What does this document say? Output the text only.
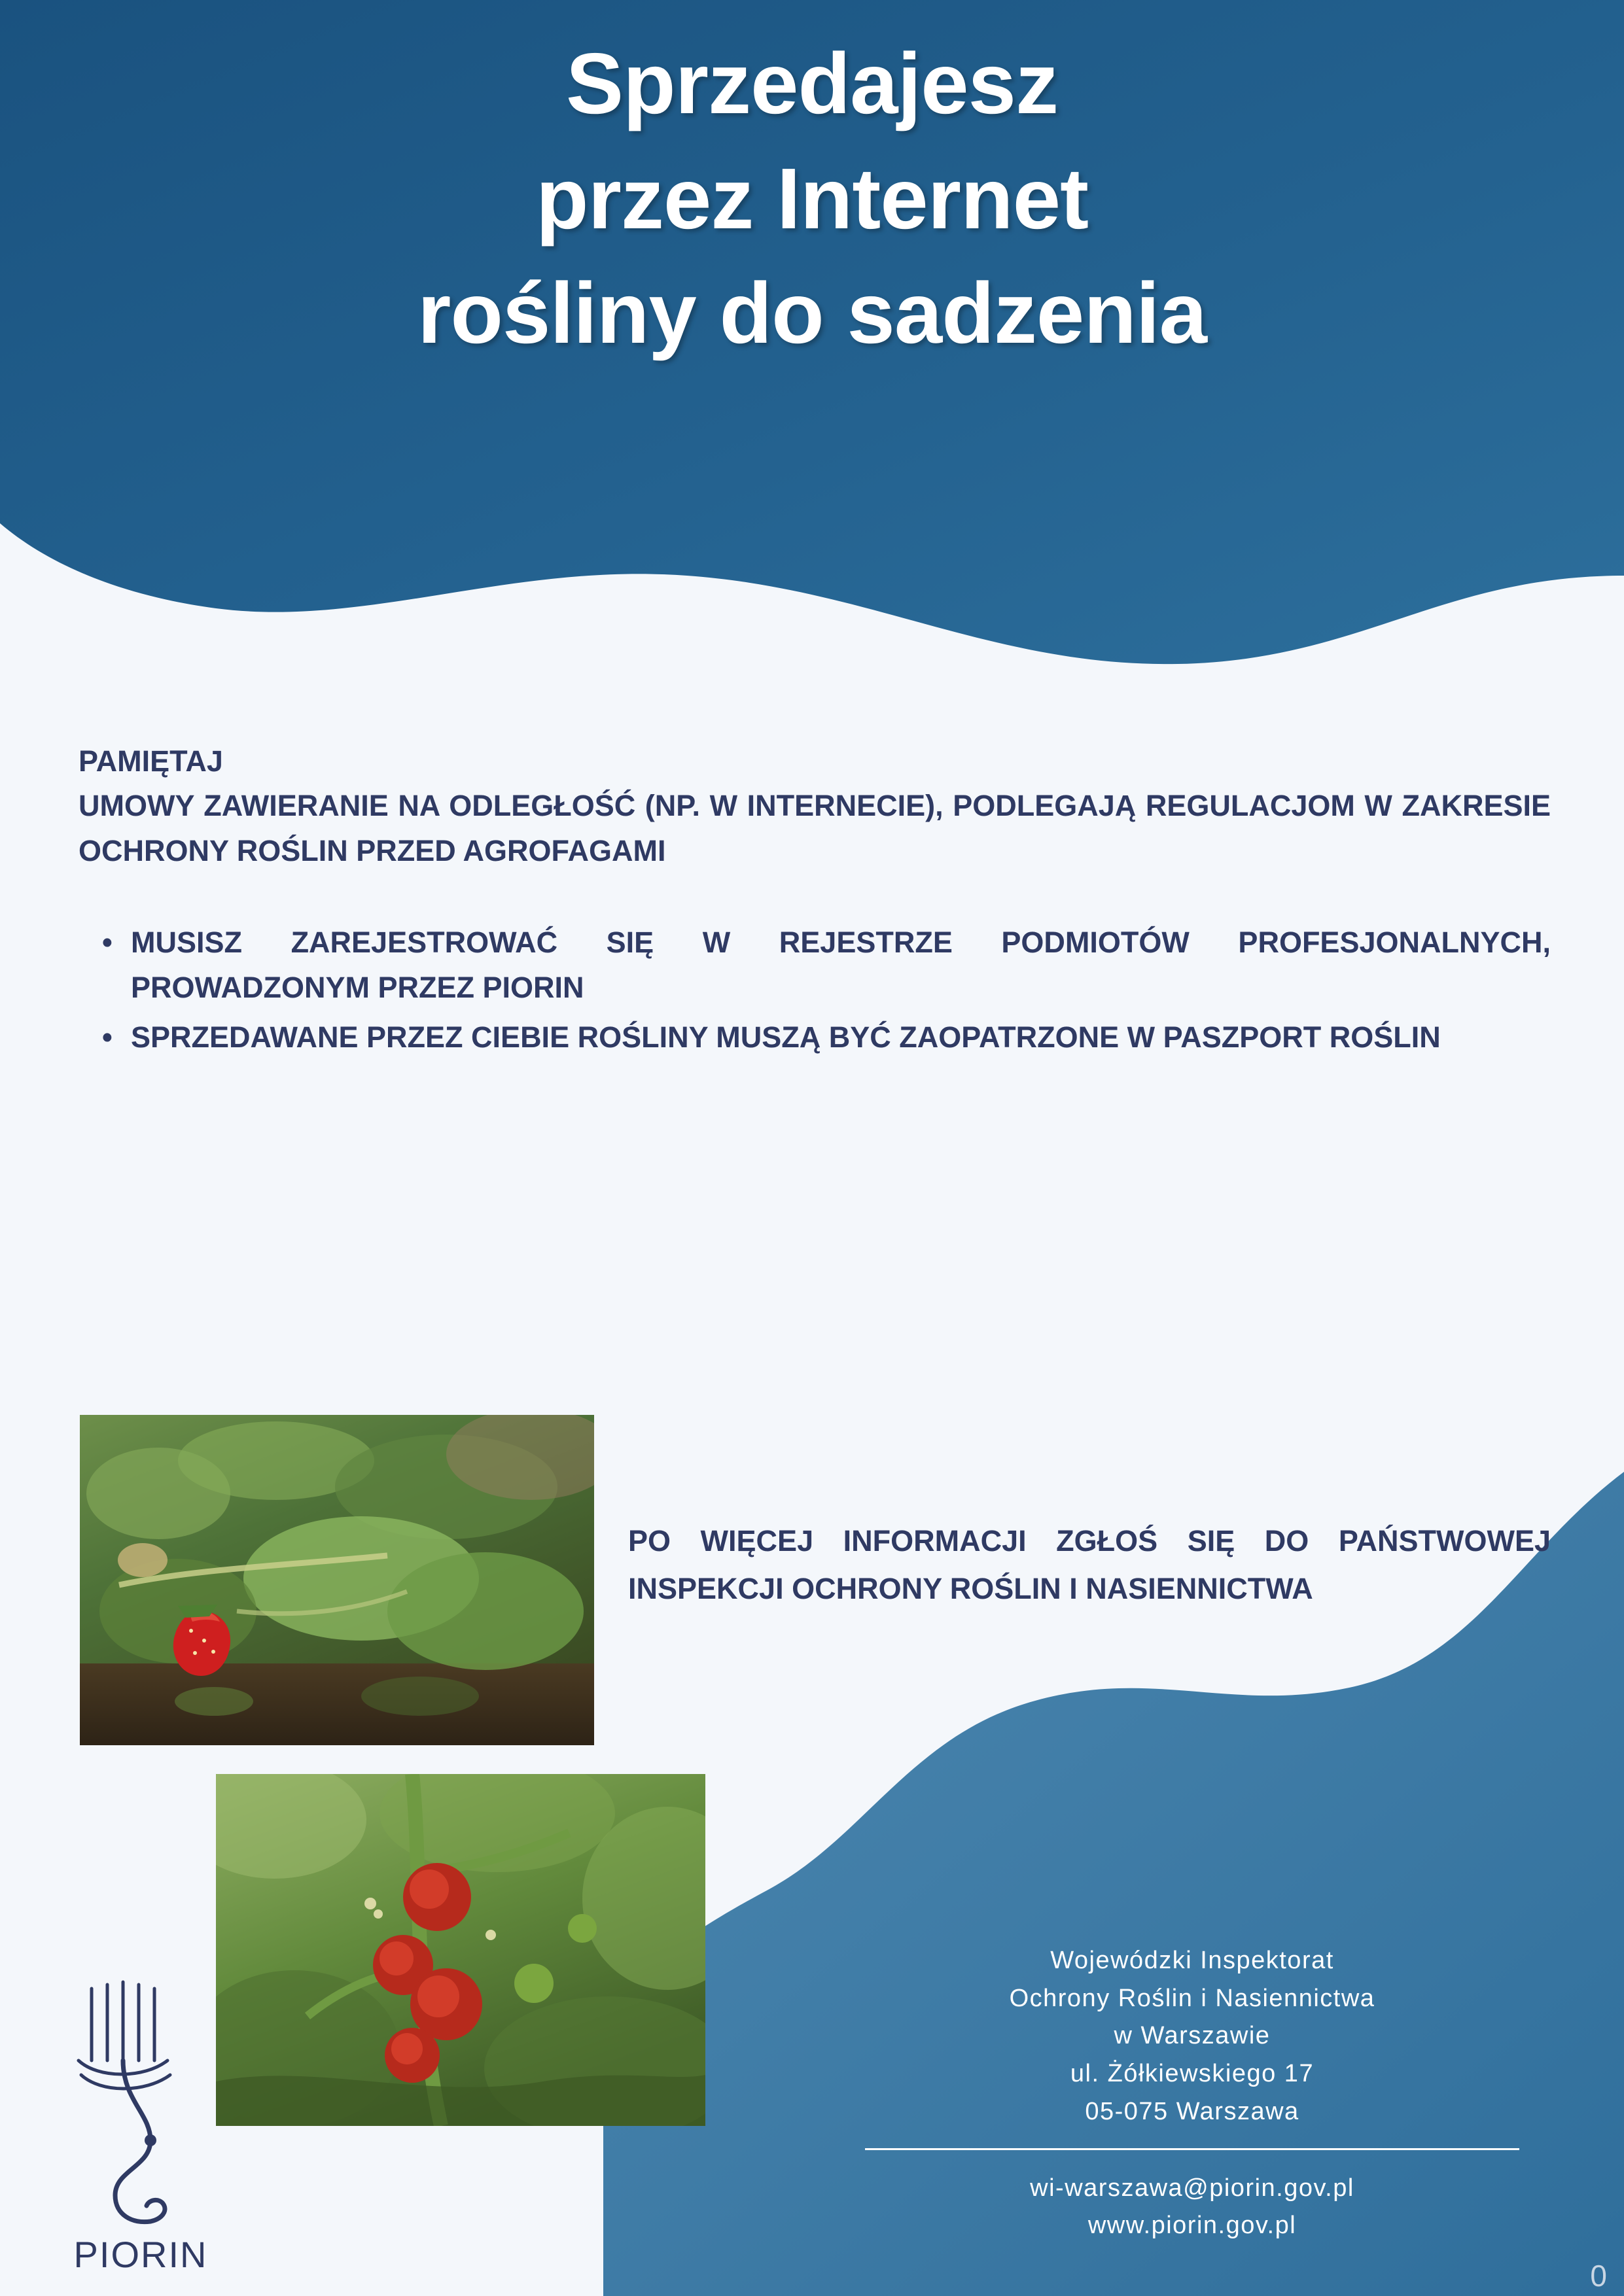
Sprzedajesz
przez Internet
rośliny do sadzenia
PAMIĘTAJ
UMOWY ZAWIERANIE NA ODLEGŁOŚĆ (NP. W INTERNECIE), PODLEGAJĄ REGULACJOM W ZAKRESIE OCHRONY ROŚLIN PRZED AGROFAGAMI
• MUSISZ ZAREJESTROWAĆ SIĘ W REJESTRZE PODMIOTÓW PROFESJONALNYCH, PROWADZONYM PRZEZ PIORIN
• SPRZEDAWANE PRZEZ CIEBIE ROŚLINY MUSZĄ BYĆ ZAOPATRZONE W PASZPORT ROŚLIN
PO WIĘCEJ INFORMACJI ZGŁOŚ SIĘ DO PAŃSTWOWEJ INSPEKCJI OCHRONY ROŚLIN I NASIENNICTWA
Wojewódzki Inspektorat
Ochrony Roślin i Nasiennictwa
w Warszawie
ul. Żółkiewskiego 17
05-075 Warszawa
wi-warszawa@piorin.gov.pl
www.piorin.gov.pl
PIORIN
0
